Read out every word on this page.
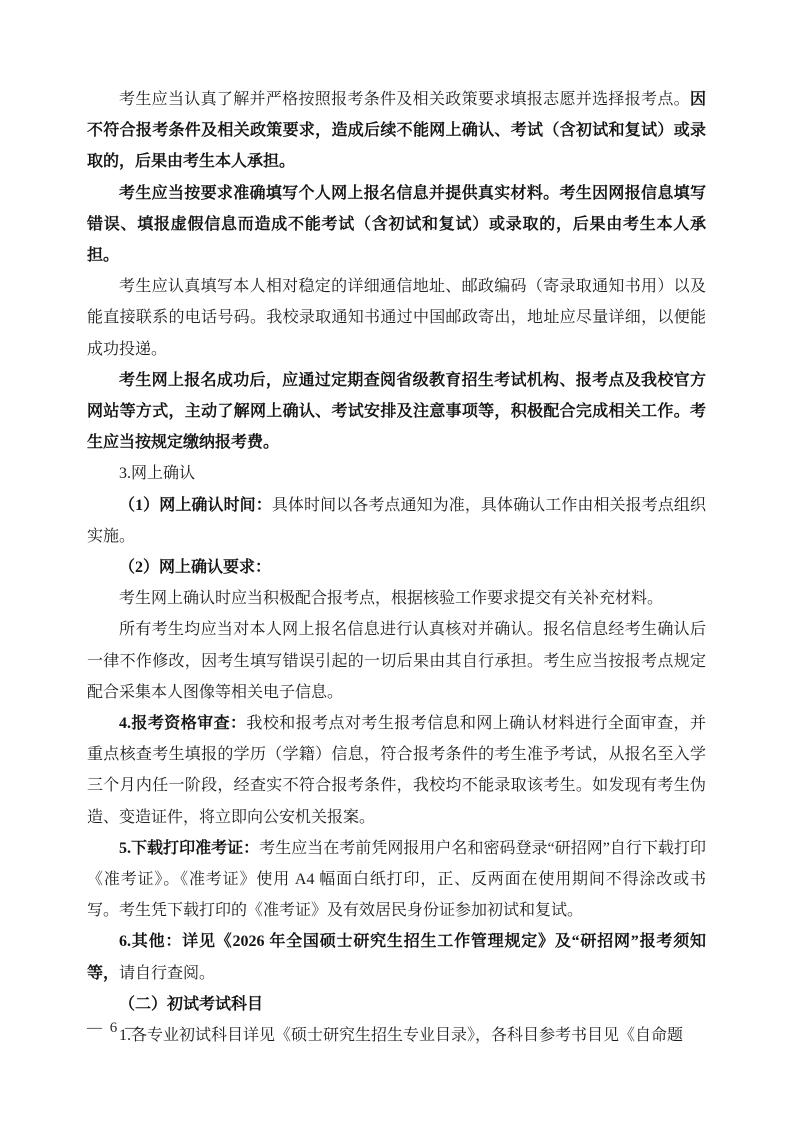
考生应当认真了解并严格按照报考条件及相关政策要求填报志愿并选择报考点。因不符合报考条件及相关政策要求，造成后续不能网上确认、考试（含初试和复试）或录取的，后果由考生本人承担。

考生应当按要求准确填写个人网上报名信息并提供真实材料。考生因网报信息填写错误、填报虚假信息而造成不能考试（含初试和复试）或录取的，后果由考生本人承担。

考生应认真填写本人相对稳定的详细通信地址、邮政编码（寄录取通知书用）以及能直接联系的电话号码。我校录取通知书通过中国邮政寄出，地址应尽量详细，以便能成功投递。

考生网上报名成功后，应通过定期查阅省级教育招生考试机构、报考点及我校官方网站等方式，主动了解网上确认、考试安排及注意事项等，积极配合完成相关工作。考生应当按规定缴纳报考费。

3.网上确认

（1）网上确认时间：具体时间以各考点通知为准，具体确认工作由相关报考点组织实施。

（2）网上确认要求：

考生网上确认时应当积极配合报考点，根据核验工作要求提交有关补充材料。

所有考生均应当对本人网上报名信息进行认真核对并确认。报名信息经考生确认后一律不作修改，因考生填写错误引起的一切后果由其自行承担。考生应当按报考点规定配合采集本人图像等相关电子信息。

4.报考资格审查：我校和报考点对考生报考信息和网上确认材料进行全面审查，并重点核查考生填报的学历（学籍）信息，符合报考条件的考生准予考试，从报名至入学三个月内任一阶段，经查实不符合报考条件，我校均不能录取该考生。如发现有考生伪造、变造证件，将立即向公安机关报案。

5.下载打印准考证：考生应当在考前凭网报用户名和密码登录“研招网”自行下载打印《准考证》。《准考证》使用 A4 幅面白纸打印，正、反两面在使用期间不得涂改或书写。考生凭下载打印的《准考证》及有效居民身份证参加初试和复试。

6.其他：详见《2026 年全国硕士研究生招生工作管理规定》及“研招网”报考须知等，请自行查阅。

（二）初试考试科目

1.各专业初试科目详见《硕士研究生招生专业目录》，各科目参考书目见《自命题

— 6 —
